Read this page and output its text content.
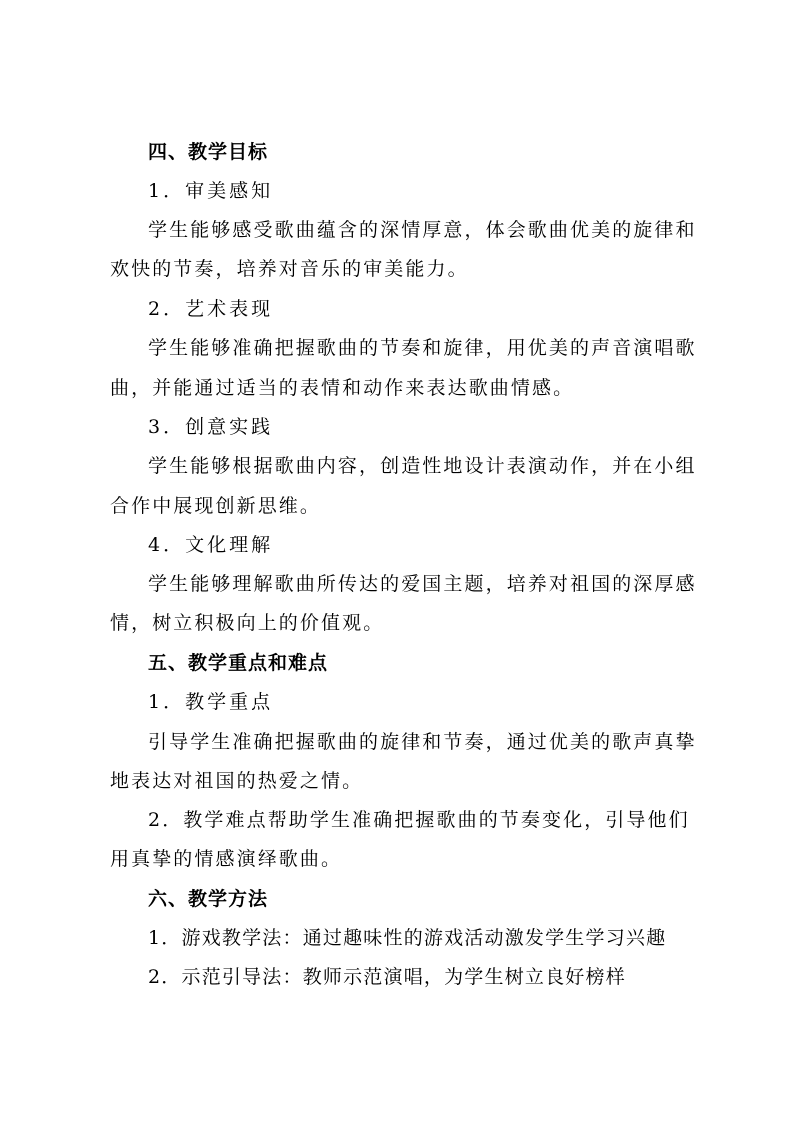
四、教学目标
1．审美感知
学生能够感受歌曲蕴含的深情厚意，体会歌曲优美的旋律和
欢快的节奏，培养对音乐的审美能力。
2．艺术表现
学生能够准确把握歌曲的节奏和旋律，用优美的声音演唱歌
曲，并能通过适当的表情和动作来表达歌曲情感。
3．创意实践
学生能够根据歌曲内容，创造性地设计表演动作，并在小组
合作中展现创新思维。
4．文化理解
学生能够理解歌曲所传达的爱国主题，培养对祖国的深厚感
情，树立积极向上的价值观。
五、教学重点和难点
1．教学重点
引导学生准确把握歌曲的旋律和节奏，通过优美的歌声真挚
地表达对祖国的热爱之情。
2．教学难点帮助学生准确把握歌曲的节奏变化，引导他们
用真挚的情感演绎歌曲。
六、教学方法
1．游戏教学法：通过趣味性的游戏活动激发学生学习兴趣
2．示范引导法：教师示范演唱，为学生树立良好榜样
